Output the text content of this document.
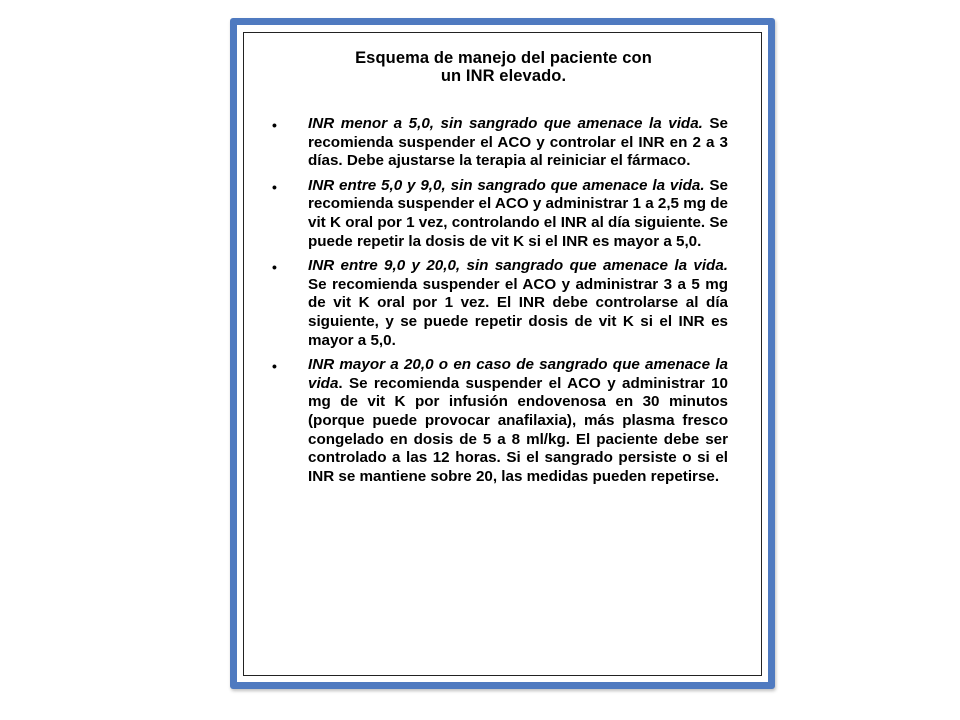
Esquema de manejo del paciente con
un INR elevado.
• INR menor a 5,0, sin sangrado que amenace la vida. Se recomienda suspender el ACO y controlar el INR en 2 a 3 días. Debe ajustarse la terapia al reiniciar el fármaco.

• INR entre 5,0 y 9,0, sin sangrado que amenace la vida. Se recomienda suspender el ACO y administrar 1 a 2,5 mg de vit K oral por 1 vez, controlando el INR al día siguiente. Se puede repetir la dosis de vit K si el INR es mayor a 5,0.

• INR entre 9,0 y 20,0, sin sangrado que amenace la vida. Se recomienda suspender el ACO y administrar 3 a 5 mg de vit K oral por 1 vez. El INR debe controlarse al día siguiente, y se puede repetir dosis de vit K si el INR es mayor a 5,0.

• INR mayor a 20,0 o en caso de sangrado que amenace la vida. Se recomienda suspender el ACO y administrar 10 mg de vit K por infusión endovenosa en 30 minutos (porque puede provocar anafilaxia), más plasma fresco congelado en dosis de 5 a 8 ml/kg. El paciente debe ser controlado a las 12 horas. Si el sangrado persiste o si el INR se mantiene sobre 20, las medidas pueden repetirse.
